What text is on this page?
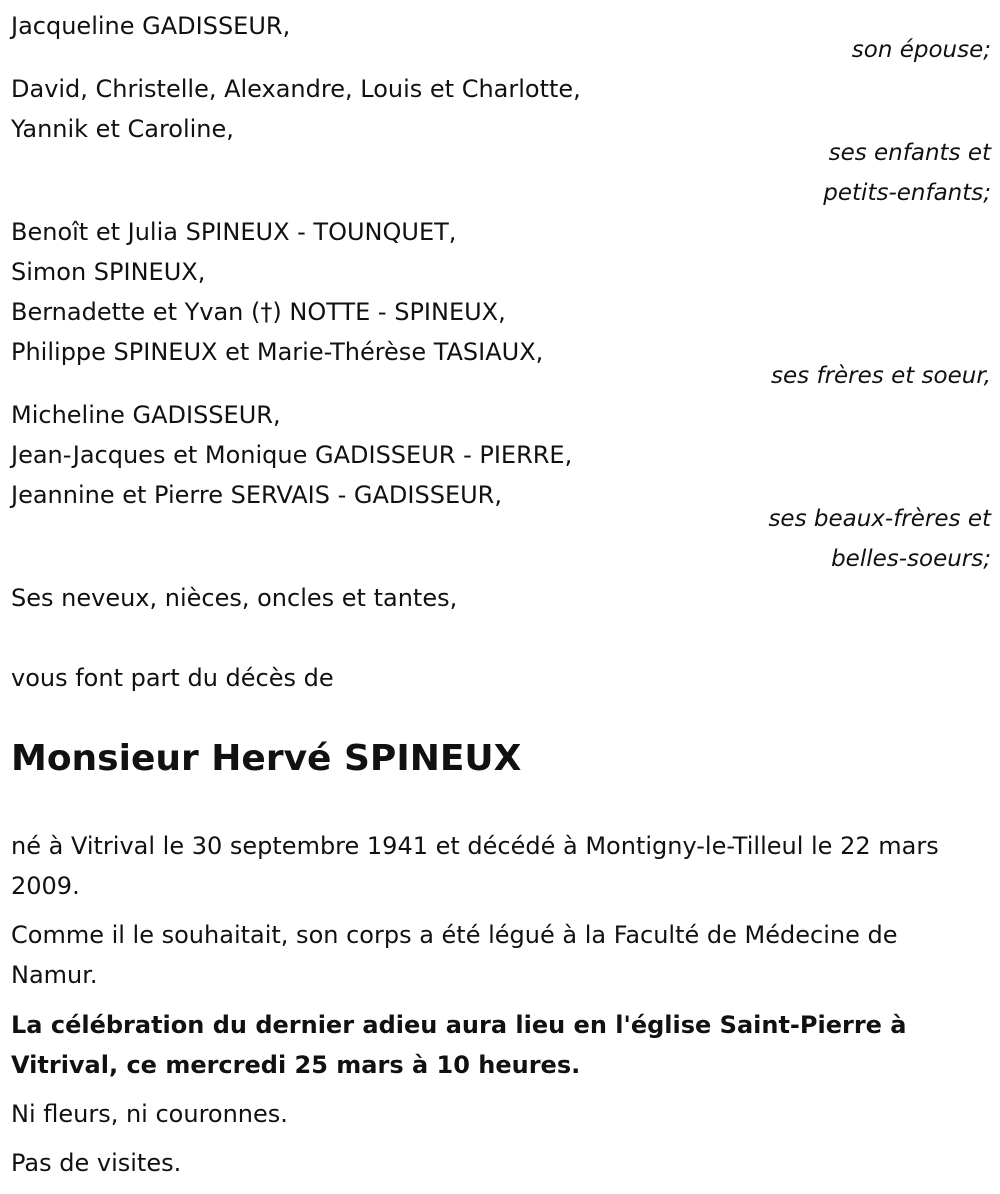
Jacqueline GADISSEUR,
son épouse;
David, Christelle, Alexandre, Louis et Charlotte,
Yannik et Caroline,
ses enfants et
petits-enfants;
Benoît et Julia SPINEUX - TOUNQUET,
Simon SPINEUX,
Bernadette et Yvan (†) NOTTE - SPINEUX,
Philippe SPINEUX et Marie-Thérèse TASIAUX,
ses frères et soeur,
Micheline GADISSEUR,
Jean-Jacques et Monique GADISSEUR - PIERRE,
Jeannine et Pierre SERVAIS - GADISSEUR,
ses beaux-frères et
belles-soeurs;
Ses neveux, nièces, oncles et tantes,
vous font part du décès de
Monsieur Hervé SPINEUX
né à Vitrival le 30 septembre 1941 et décédé à Montigny-le-Tilleul le 22 mars 2009.
Comme il le souhaitait, son corps a été légué à la Faculté de Médecine de Namur.
La célébration du dernier adieu aura lieu en l'église Saint-Pierre à Vitrival, ce mercredi 25 mars à 10 heures.
Ni fleurs, ni couronnes.
Pas de visites.
